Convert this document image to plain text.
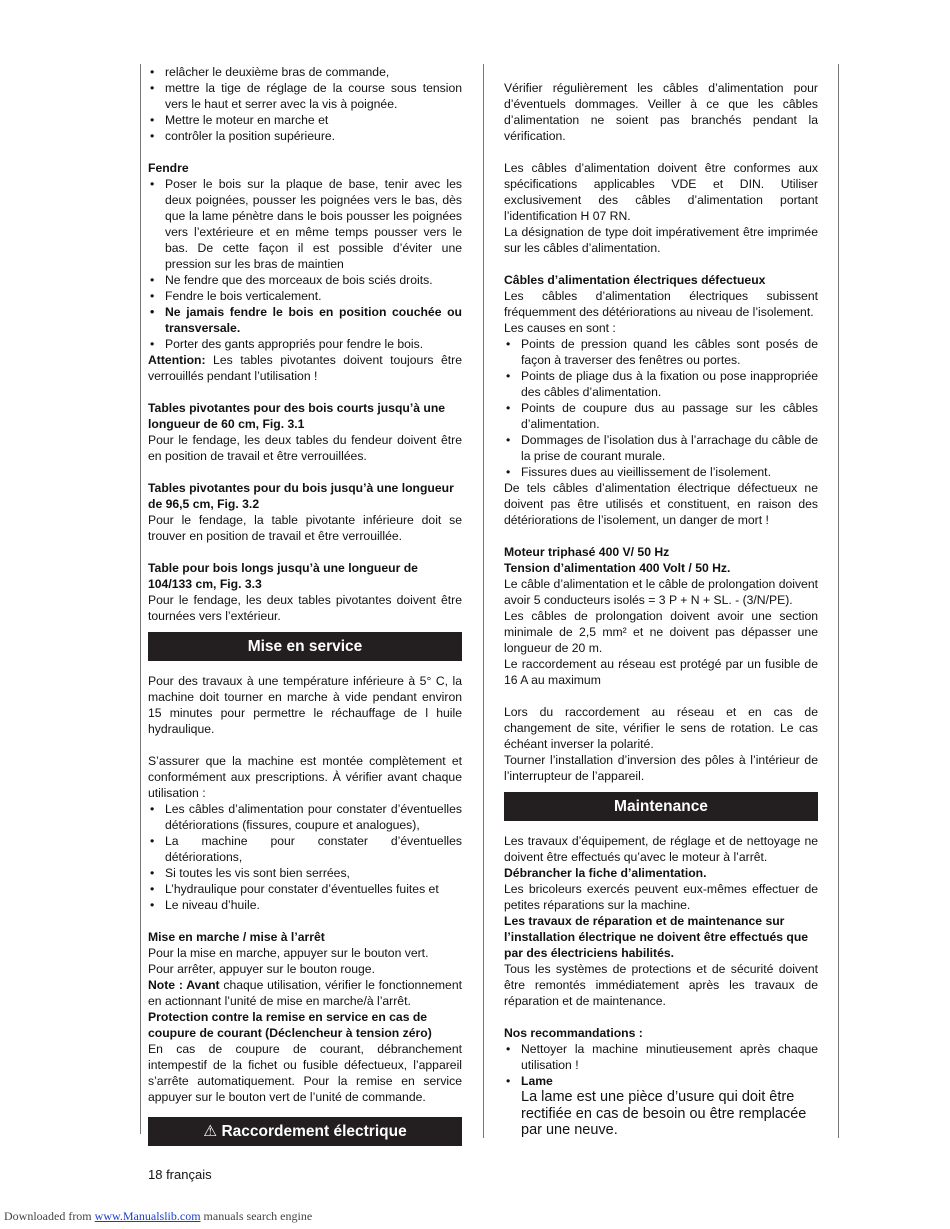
• relâcher le deuxième bras de commande,
• mettre la tige de réglage de la course sous tension vers le haut et serrer avec la vis à poignée.
• Mettre le moteur en marche et
• contrôler la position supérieure.
Fendre
• Poser le bois sur la plaque de base, tenir avec les deux poignées, pousser les poignées vers le bas, dès que la lame pénètre dans le bois pousser les poignées vers l’extérieure et en même temps pousser vers le bas. De cette façon il est possible d’éviter une pression sur les bras de maintien
• Ne fendre que des morceaux de bois sciés droits.
• Fendre le bois verticalement.
• Ne jamais fendre le bois en position couchée ou transversale.
• Porter des gants appropriés pour fendre le bois.

Attention: Les tables pivotantes doivent toujours être verrouillés pendant l’utilisation !

Tables pivotantes pour des bois courts jusqu’à une longueur de 60 cm, Fig. 3.1

Pour le fendage, les deux tables du fendeur doivent être en position de travail et être verrouillées.

Tables pivotantes pour du bois jusqu’à une longueur de 96,5 cm, Fig. 3.2

Pour le fendage, la table pivotante inférieure doit se trouver en position de travail et être verrouillée.

Table pour bois longs jusqu’à une longueur de 104/133 cm, Fig. 3.3

Pour le fendage, les deux tables pivotantes doivent être tournées vers l’extérieur.

Mise en service

Pour des travaux à une température inférieure à 5° C, la machine doit tourner en marche à vide pendant environ 15 minutes pour permettre le réchauffage de l huile hydraulique.

S’assurer que la machine est montée complètement et conformément aux prescriptions. À vérifier avant chaque utilisation :

• Les câbles d’alimentation pour constater d’éventuelles détériorations (fissures, coupure et analogues),
• La machine pour constater d’éventuelles détériorations,
• Si toutes les vis sont bien serrées,
• L’hydraulique pour constater d’éventuelles fuites et
• Le niveau d’huile.
Mise en marche / mise à l’arrêt

Pour la mise en marche, appuyer sur le bouton vert.

Pour arrêter, appuyer sur le bouton rouge.

Note : Avant chaque utilisation, vérifier le fonctionnement en actionnant l’unité de mise en marche/à l’arrêt.

Protection contre la remise en service en cas de coupure de courant (Déclencheur à tension zéro)

En cas de coupure de courant, débranchement intempestif de la fichet ou fusible défectueux, l’appareil s’arrête automatiquement. Pour la remise en service appuyer sur le bouton vert de l’unité de commande.

⚠ Raccordement électrique

Vérifier régulièrement les câbles d’alimentation pour d’éventuels dommages. Veiller à ce que les câbles d’alimentation ne soient pas branchés pendant la vérification.

Les câbles d’alimentation doivent être conformes aux spécifications applicables VDE et DIN. Utiliser exclusivement des câbles d’alimentation portant l’identification H 07 RN.

La désignation de type doit impérativement être imprimée sur les câbles d’alimentation.

Câbles d’alimentation électriques défectueux

Les câbles d’alimentation électriques subissent fréquemment des détériorations au niveau de l’isolement.

Les causes en sont :

• Points de pression quand les câbles sont posés de façon à traverser des fenêtres ou portes.
• Points de pliage dus à la fixation ou pose inappropriée des câbles d’alimentation.
• Points de coupure dus au passage sur les câbles d’alimentation.
• Dommages de l’isolation dus à l’arrachage du câble de la prise de courant murale.
• Fissures dues au vieillissement de l’isolement.

De tels câbles d’alimentation électrique défectueux ne doivent pas être utilisés et constituent, en raison des détériorations de l’isolement, un danger de mort !

Moteur triphasé 400 V/ 50 Hz
Tension d’alimentation 400 Volt / 50 Hz.

Le câble d’alimentation et le câble de prolongation doivent avoir 5 conducteurs isolés = 3 P + N + SL. - (3/N/PE).

Les câbles de prolongation doivent avoir une section minimale de 2,5 mm² et ne doivent pas dépasser une longueur de 20 m.

Le raccordement au réseau est protégé par un fusible de 16 A au maximum

Lors du raccordement au réseau et en cas de changement de site, vérifier le sens de rotation. Le cas échéant inverser la polarité.

Tourner l’installation d’inversion des pôles à l’intérieur de l’interrupteur de l’appareil.

Maintenance

Les travaux d’équipement, de réglage et de nettoyage ne doivent être effectués qu’avec le moteur à l’arrêt.

Débrancher la fiche d’alimentation.

Les bricoleurs exercés peuvent eux-mêmes effectuer de petites réparations sur la machine.

Les travaux de réparation et de maintenance sur l’installation électrique ne doivent être effectués que par des électriciens habilités.

Tous les systèmes de protections et de sécurité doivent être remontés immédiatement après les travaux de réparation et de maintenance.

Nos recommandations :
• Nettoyer la machine minutieusement après chaque utilisation !
• Lame
La lame est une pièce d’usure qui doit être rectifiée en cas de besoin ou être remplacée par une neuve.
18 français
Downloaded from www.Manualslib.com manuals search engine
